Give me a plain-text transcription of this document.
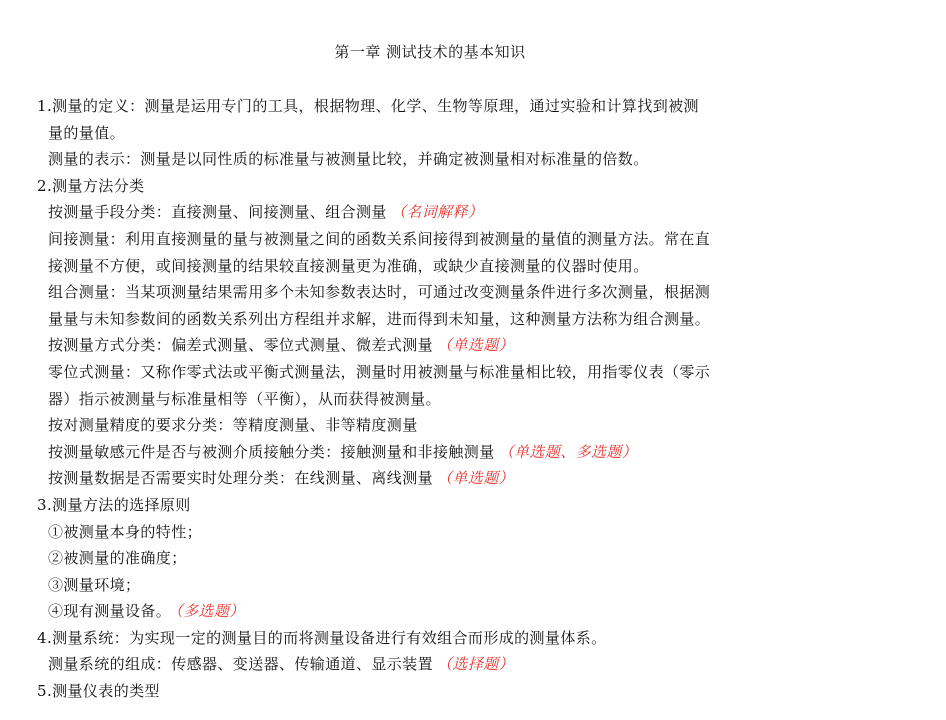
第一章 测试技术的基本知识
1.测量的定义：测量是运用专门的工具，根据物理、化学、生物等原理，通过实验和计算找到被测
量的量值。
测量的表示：测量是以同性质的标准量与被测量比较，并确定被测量相对标准量的倍数。
2.测量方法分类
按测量手段分类：直接测量、间接测量、组合测量 （名词解释）
间接测量：利用直接测量的量与被测量之间的函数关系间接得到被测量的量值的测量方法。常在直
接测量不方便，或间接测量的结果较直接测量更为准确，或缺少直接测量的仪器时使用。
组合测量：当某项测量结果需用多个未知参数表达时，可通过改变测量条件进行多次测量，根据测
量量与未知参数间的函数关系列出方程组并求解，进而得到未知量，这种测量方法称为组合测量。
按测量方式分类：偏差式测量、零位式测量、微差式测量 （单选题）
零位式测量：又称作零式法或平衡式测量法，测量时用被测量与标准量相比较，用指零仪表（零示
器）指示被测量与标准量相等（平衡），从而获得被测量。
按对测量精度的要求分类：等精度测量、非等精度测量
按测量敏感元件是否与被测介质接触分类：接触测量和非接触测量 （单选题、多选题）
按测量数据是否需要实时处理分类：在线测量、离线测量 （单选题）
3.测量方法的选择原则
①被测量本身的特性；
②被测量的准确度；
③测量环境；
④现有测量设备。 （多选题）
4.测量系统：为实现一定的测量目的而将测量设备进行有效组合而形成的测量体系。
测量系统的组成：传感器、变送器、传输通道、显示装置 （选择题）
5.测量仪表的类型
